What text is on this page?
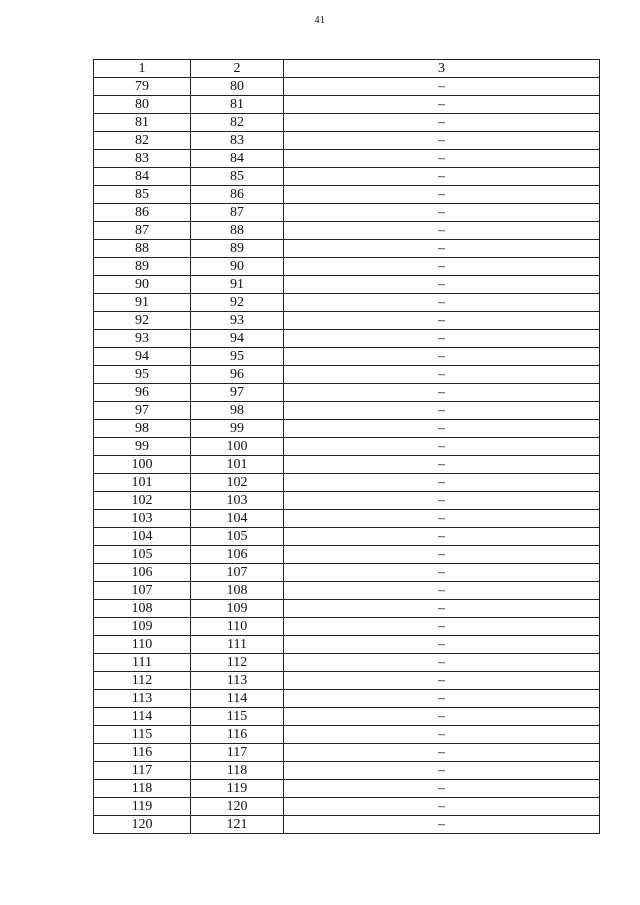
41
1	2	3
79	80	–
80	81	–
81	82	–
82	83	–
83	84	–
84	85	–
85	86	–
86	87	–
87	88	–
88	89	–
89	90	–
90	91	–
91	92	–
92	93	–
93	94	–
94	95	–
95	96	–
96	97	–
97	98	–
98	99	–
99	100	–
100	101	–
101	102	–
102	103	–
103	104	–
104	105	–
105	106	–
106	107	–
107	108	–
108	109	–
109	110	–
110	111	–
111	112	–
112	113	–
113	114	–
114	115	–
115	116	–
116	117	–
117	118	–
118	119	–
119	120	–
120	121	–
